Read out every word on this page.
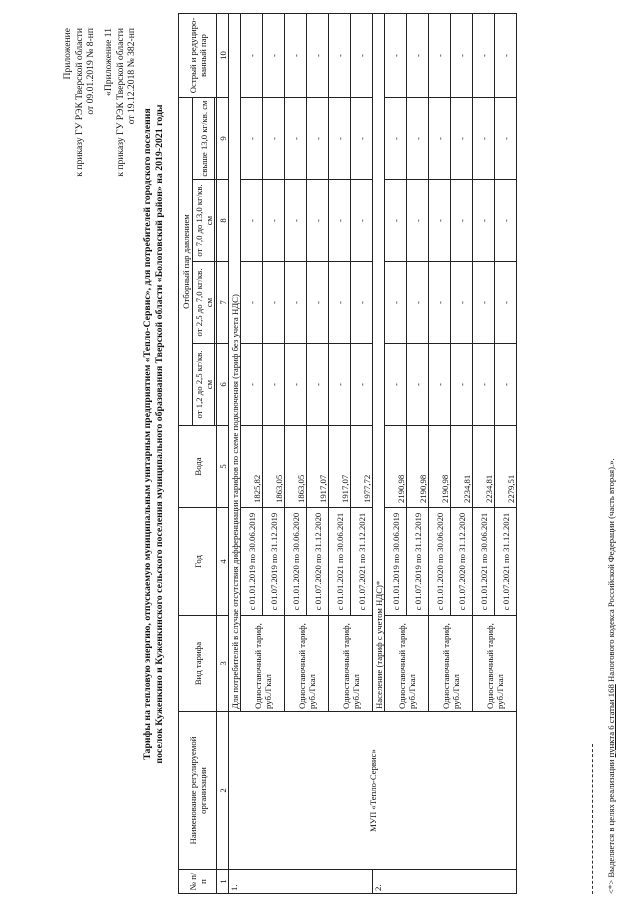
Приложение к приказу ГУ РЭК Тверской области от 09.01.2019 № 8-нп «Приложение 11 к приказу ГУ РЭК Тверской области от 19.12.2018 № 382-нп
Тарифы на тепловую энергию, отпускаемую муниципальным унитарным предприятием «Тепло-Сервис», для потребителей городского поселения поселок Куженкино и Куженкинского сельского поселения муниципального образования Тверской области «Бологовский район» на 2019-2021 годы
№ п/п	Наименование регулируемой организации	Вид тарифа	Год	Вода	Отборный пар давлением				Острый и редуциро-ванный пар
					от 1,2 до 2,5 кг/кв. см	от 2,5 до 7,0 кг/кв. см	от 7,0 до 13,0 кг/кв. см	свыше 13,0 кг/кв. см	

1	2	3	4	5	6	7	8	9	10
1.	МУП «Тепло-Сервис»	Для потребителей в случае отсутствия дифференциации тарифов по схеме подключения (тариф без учета НДС)							
		Одноставочный тариф, руб./Гкал	с 01.01.2019 по 30.06.2019	1825,82	-	-	-	-	-
			с 01.07.2019 по 31.12.2019	1863,05	-	-	-	-	-
		Одноставочный тариф, руб./Гкал	с 01.01.2020 по 30.06.2020	1863,05	-	-	-	-	-
			с 01.07.2020 по 31.12.2020	1917,07	-	-	-	-	-
		Одноставочный тариф, руб./Гкал	с 01.01.2021 по 30.06.2021	1917,07	-	-	-	-	-
			с 01.07.2021 по 31.12.2021	1977,72	-	-	-	-	-
2.		Население (тариф с учетом НДС)*							
		Одноставочный тариф, руб./Гкал	с 01.01.2019 по 30.06.2019	2190,98	-	-	-	-	-
			с 01.07.2019 по 31.12.2019	2190,98	-	-	-	-	-
		Одноставочный тариф, руб./Гкал	с 01.01.2020 по 30.06.2020	2190,98	-	-	-	-	-
			с 01.07.2020 по 31.12.2020	2234,81	-	-	-	-	-
		Одноставочный тариф, руб./Гкал	с 01.01.2021 по 30.06.2021	2234,81	-	-	-	-	-
			с 01.07.2021 по 31.12.2021	2279,51	-	-	-	-	-
<*> Выделяется в целях реализации пункта 6 статьи 168 Налогового кодекса Российской Федерации (часть вторая).».
